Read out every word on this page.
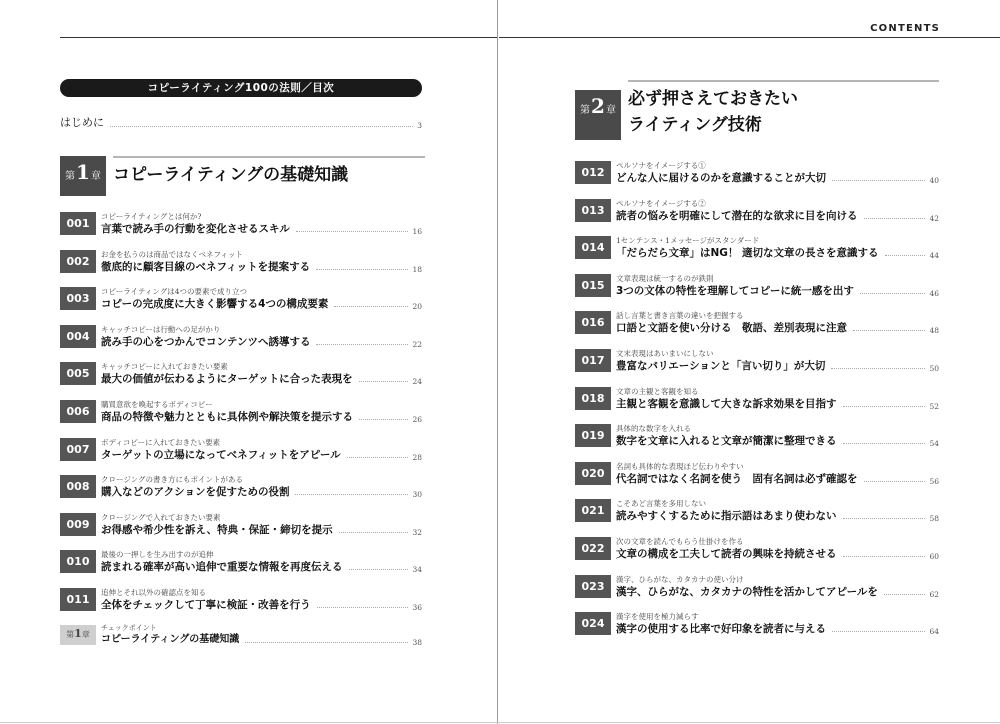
コピーライティング100の法則／目次
はじめに	3
第 1 章 コピーライティングの基礎知識
001
コピーライティングとは何か?
言葉で読み手の行動を変化させるスキル	16
002
お金を払うのは商品ではなくベネフィット
徹底的に顧客目線のベネフィットを提案する	18
003
コピーライティングは4つの要素で成り立つ
コピーの完成度に大きく影響する4つの構成要素	20
004
キャッチコピーは行動への足がかり
読み手の心をつかんでコンテンツへ誘導する	22
005
キャッチコピーに入れておきたい要素
最大の価値が伝わるようにターゲットに合った表現を	24
006
購買意欲を喚起するボディコピー
商品の特徴や魅力とともに具体例や解決策を提示する	26
007
ボディコピーに入れておきたい要素
ターゲットの立場になってベネフィットをアピール	28
008
クロージングの書き方にもポイントがある
購入などのアクションを促すための役割	30
009
クロージングで入れておきたい要素
お得感や希少性を訴え、特典・保証・締切を提示	32
010
最後の一押しを生み出すのが追伸
読まれる確率が高い追伸で重要な情報を再度伝える	34
011
追伸とそれ以外の確認点を知る
全体をチェックして丁寧に検証・改善を行う	36
第 1 章
チェックポイント
コピーライティングの基礎知識	38
CONTENTS
第 2 章
必ず押さえておきたい
ライティング技術
012
ペルソナをイメージする①
どんな人に届けるのかを意識することが大切	40
013
ペルソナをイメージする②
読者の悩みを明確にして潜在的な欲求に目を向ける	42
014
1センテンス・1メッセージがスタンダード
「だらだら文章」はNG！ 適切な文章の長さを意識する	44
015
文章表現は統一するのが鉄則
3つの文体の特性を理解してコピーに統一感を出す	46
016
話し言葉と書き言葉の違いを把握する
口語と文語を使い分ける　敬語、差別表現に注意	48
017
文末表現はあいまいにしない
豊富なバリエーションと「言い切り」が大切	50
018
文章の主観と客観を知る
主観と客観を意識して大きな訴求効果を目指す	52
019
具体的な数字を入れる
数字を文章に入れると文章が簡潔に整理できる	54
020
名詞も具体的な表現ほど伝わりやすい
代名詞ではなく名詞を使う　固有名詞は必ず確認を	56
021
こそあど言葉を多用しない
読みやすくするために指示語はあまり使わない	58
022
次の文章を読んでもらう仕掛けを作る
文章の構成を工夫して読者の興味を持続させる	60
023
漢字、ひらがな、カタカナの使い分け
漢字、ひらがな、カタカナの特性を活かしてアピールを	62
024
漢字を使用を極力減らす
漢字の使用する比率で好印象を読者に与える	64
